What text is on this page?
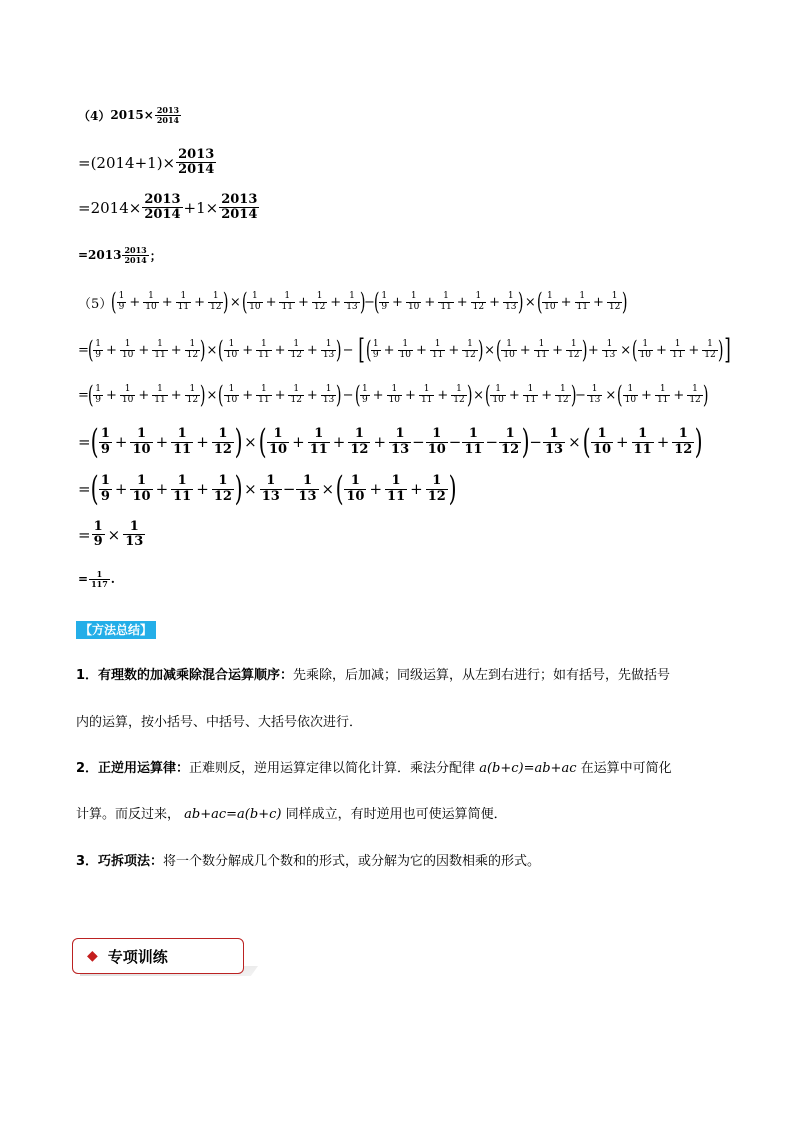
（4） $2015\times \frac{2013}{2014}$
$=(2014+1)\times \frac{2013}{2014}$
$=2014\times \frac{2013}{2014} +1\times \frac{2013}{2014}$
$=2013 \frac{2013}{2014}$ ；
（5）
( $\frac{1}{9} + \frac{1}{10} + \frac{1}{11} + \frac{1}{12}$ ) × ( $\frac{1}{10} + \frac{1}{11} + \frac{1}{12} + \frac{1}{13}$ )
−
( $\frac{1}{9} + \frac{1}{10} + \frac{1}{11} + \frac{1}{12} + \frac{1}{13}$ ) × ( $\frac{1}{10} + \frac{1}{11} + \frac{1}{12}$ )
=
( $\frac{1}{9} + \frac{1}{10} + \frac{1}{11} + \frac{1}{12}$ ) × ( $\frac{1}{10} + \frac{1}{11} + \frac{1}{12} + \frac{1}{13}$ ) − [ ( $\frac{1}{9} + \frac{1}{10} + \frac{1}{11} + \frac{1}{12}$ ) × ( $\frac{1}{10} + \frac{1}{11} + \frac{1}{12}$ ) + $\frac{1}{13}$ × ( $\frac{1}{10} + \frac{1}{11} + \frac{1}{12}$ ) ]
=
( $\frac{1}{9} + \frac{1}{10} + \frac{1}{11} + \frac{1}{12}$ ) × ( $\frac{1}{10} + \frac{1}{11} + \frac{1}{12} + \frac{1}{13}$ ) − ( $\frac{1}{9} + \frac{1}{10} + \frac{1}{11} + \frac{1}{12}$ ) × ( $\frac{1}{10} + \frac{1}{11} + \frac{1}{12}$ )
− $\frac{1}{13}$ × ( $\frac{1}{10} + \frac{1}{11} + \frac{1}{12}$ )
= ( $\frac{1}{9} + \frac{1}{10} + \frac{1}{11} + \frac{1}{12}$ ) × ( $\frac{1}{10} + \frac{1}{11} + \frac{1}{12} + \frac{1}{13} - \frac{1}{10} - \frac{1}{11} - \frac{1}{12}$ ) − $\frac{1}{13}$ × ( $\frac{1}{10} + \frac{1}{11} + \frac{1}{12}$ )
= ( $\frac{1}{9} + \frac{1}{10} + \frac{1}{11} + \frac{1}{12}$ ) × $\frac{1}{13} - \frac{1}{13}$ × ( $\frac{1}{10} + \frac{1}{11} + \frac{1}{12}$ )
= $\frac{1}{9} \times \frac{1}{13}$
= $\frac{1}{117}$ .
【方法总结】
1．有理数的加减乘除混合运算顺序：先乘除，后加减；同级运算，从左到右进行；如有括号，先做括号
内的运算，按小括号、中括号、大括号依次进行．
2．正逆用运算律：正难则反，逆用运算定律以简化计算．乘法分配律 a(b+c)=ab+ac 在运算中可简化
计算。而反过来， ab+ac=a(b+c) 同样成立，有时逆用也可使运算简便．
3．巧拆项法：将一个数分解成几个数和的形式，或分解为它的因数相乘的形式。
◆ 专项训练
